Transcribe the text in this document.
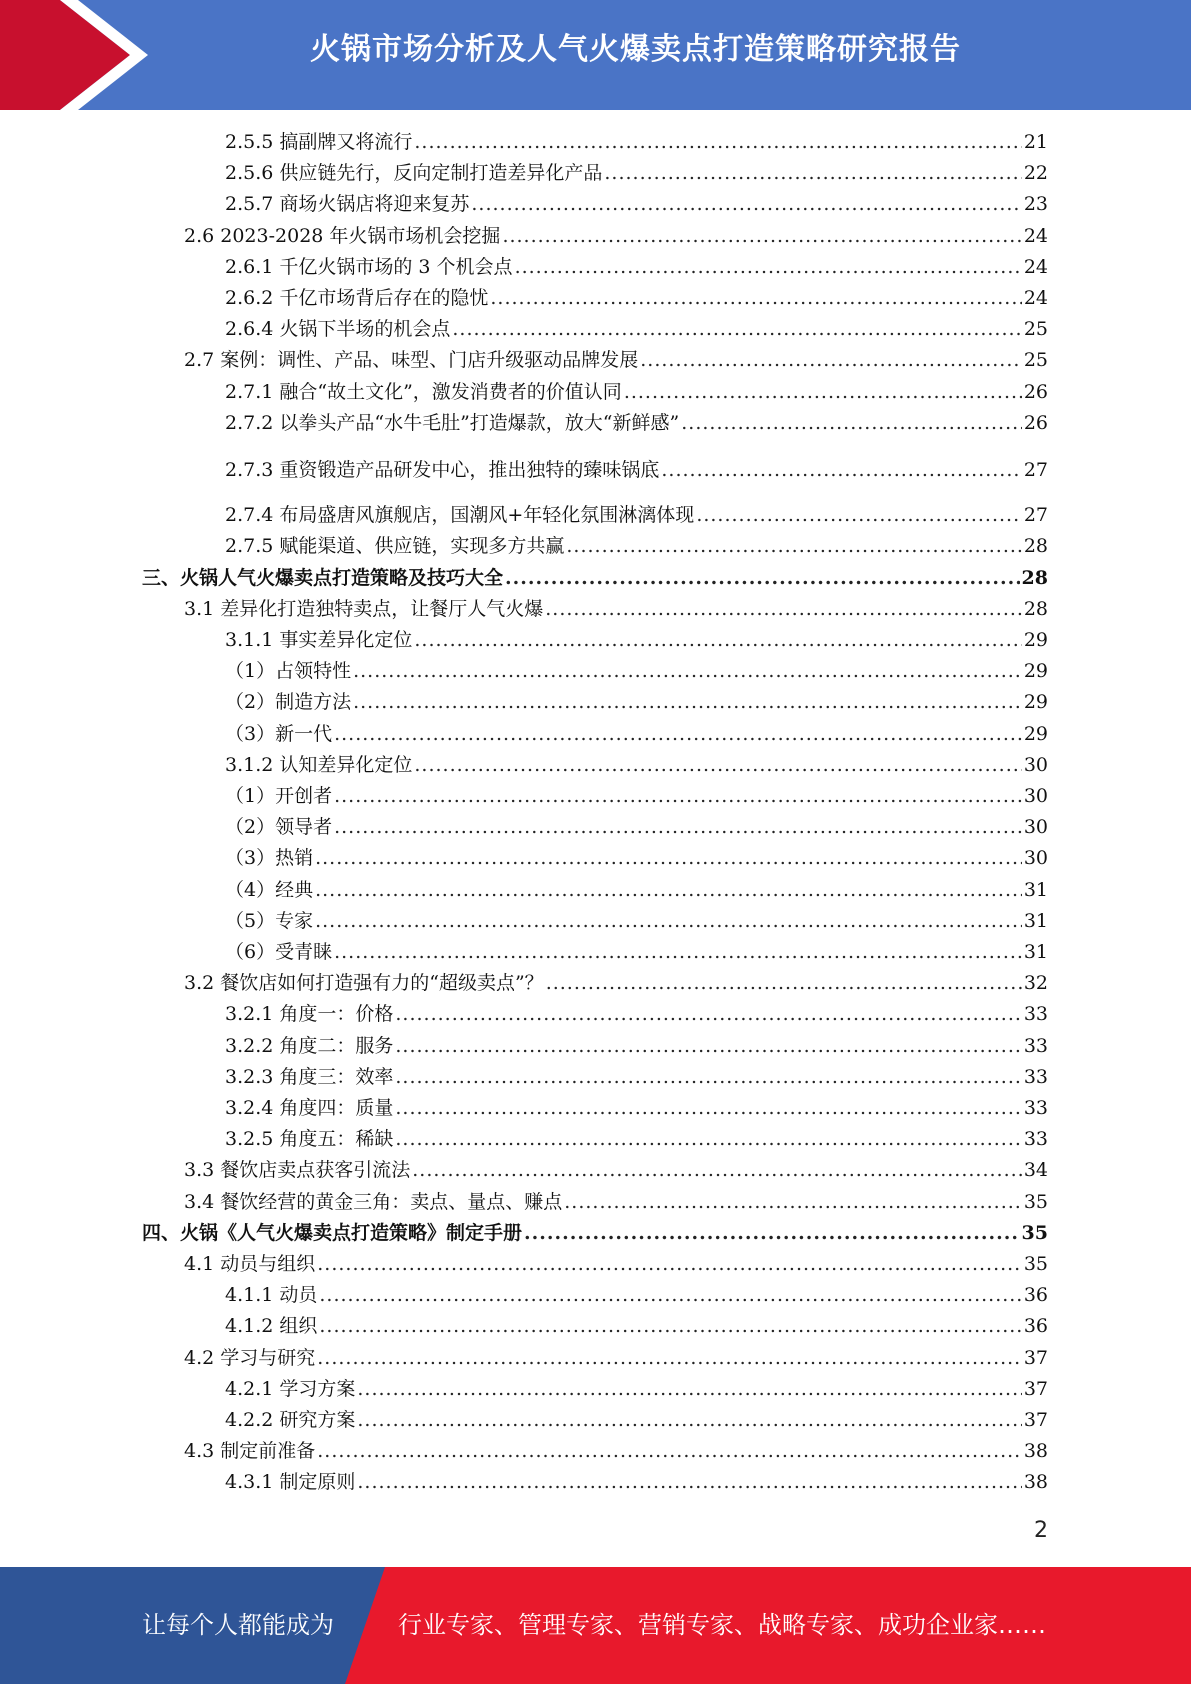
火锅市场分析及人气火爆卖点打造策略研究报告
2.5.5 搞副牌又将流行 .....	21
2.5.6 供应链先行，反向定制打造差异化产品 .....	22
2.5.7 商场火锅店将迎来复苏 .....	23
2.6 2023-2028 年火锅市场机会挖掘 .....	24
2.6.1 千亿火锅市场的 3 个机会点 .....	24
2.6.2 千亿市场背后存在的隐忧 .....	24
2.6.4 火锅下半场的机会点 .....	25
2.7 案例：调性、产品、味型、门店升级驱动品牌发展 .....	25
2.7.1 融合“故土文化”，激发消费者的价值认同 .....	26
2.7.2 以拳头产品“水牛毛肚”打造爆款，放大“新鲜感” .....	26
2.7.3 重资锻造产品研发中心，推出独特的臻味锅底 .....	27
2.7.4 布局盛唐风旗舰店，国潮风+年轻化氛围淋漓体现 .....	27
2.7.5 赋能渠道、供应链，实现多方共赢 .....	28
三、火锅人气火爆卖点打造策略及技巧大全 .....	28
3.1 差异化打造独特卖点，让餐厅人气火爆 .....	28
3.1.1 事实差异化定位 .....	29
（1）占领特性 .....	29
（2）制造方法 .....	29
（3）新一代 .....	29
3.1.2 认知差异化定位 .....	30
（1）开创者 .....	30
（2）领导者 .....	30
（3）热销 .....	30
（4）经典 .....	31
（5）专家 .....	31
（6）受青睐 .....	31
3.2 餐饮店如何打造强有力的“超级卖点”？ .....	32
3.2.1 角度一：价格 .....	33
3.2.2 角度二：服务 .....	33
3.2.3 角度三：效率 .....	33
3.2.4 角度四：质量 .....	33
3.2.5 角度五：稀缺 .....	33
3.3 餐饮店卖点获客引流法 .....	34
3.4 餐饮经营的黄金三角：卖点、量点、赚点 .....	35
四、火锅《人气火爆卖点打造策略》制定手册 .....	35
4.1 动员与组织 .....	35
4.1.1 动员 .....	36
4.1.2 组织 .....	36
4.2 学习与研究 .....	37
4.2.1 学习方案 .....	37
4.2.2 研究方案 .....	37
4.3 制定前准备 .....	38
4.3.1 制定原则 .....	38
2
让每个人都能成为	行业专家、管理专家、营销专家、战略专家、成功企业家……
